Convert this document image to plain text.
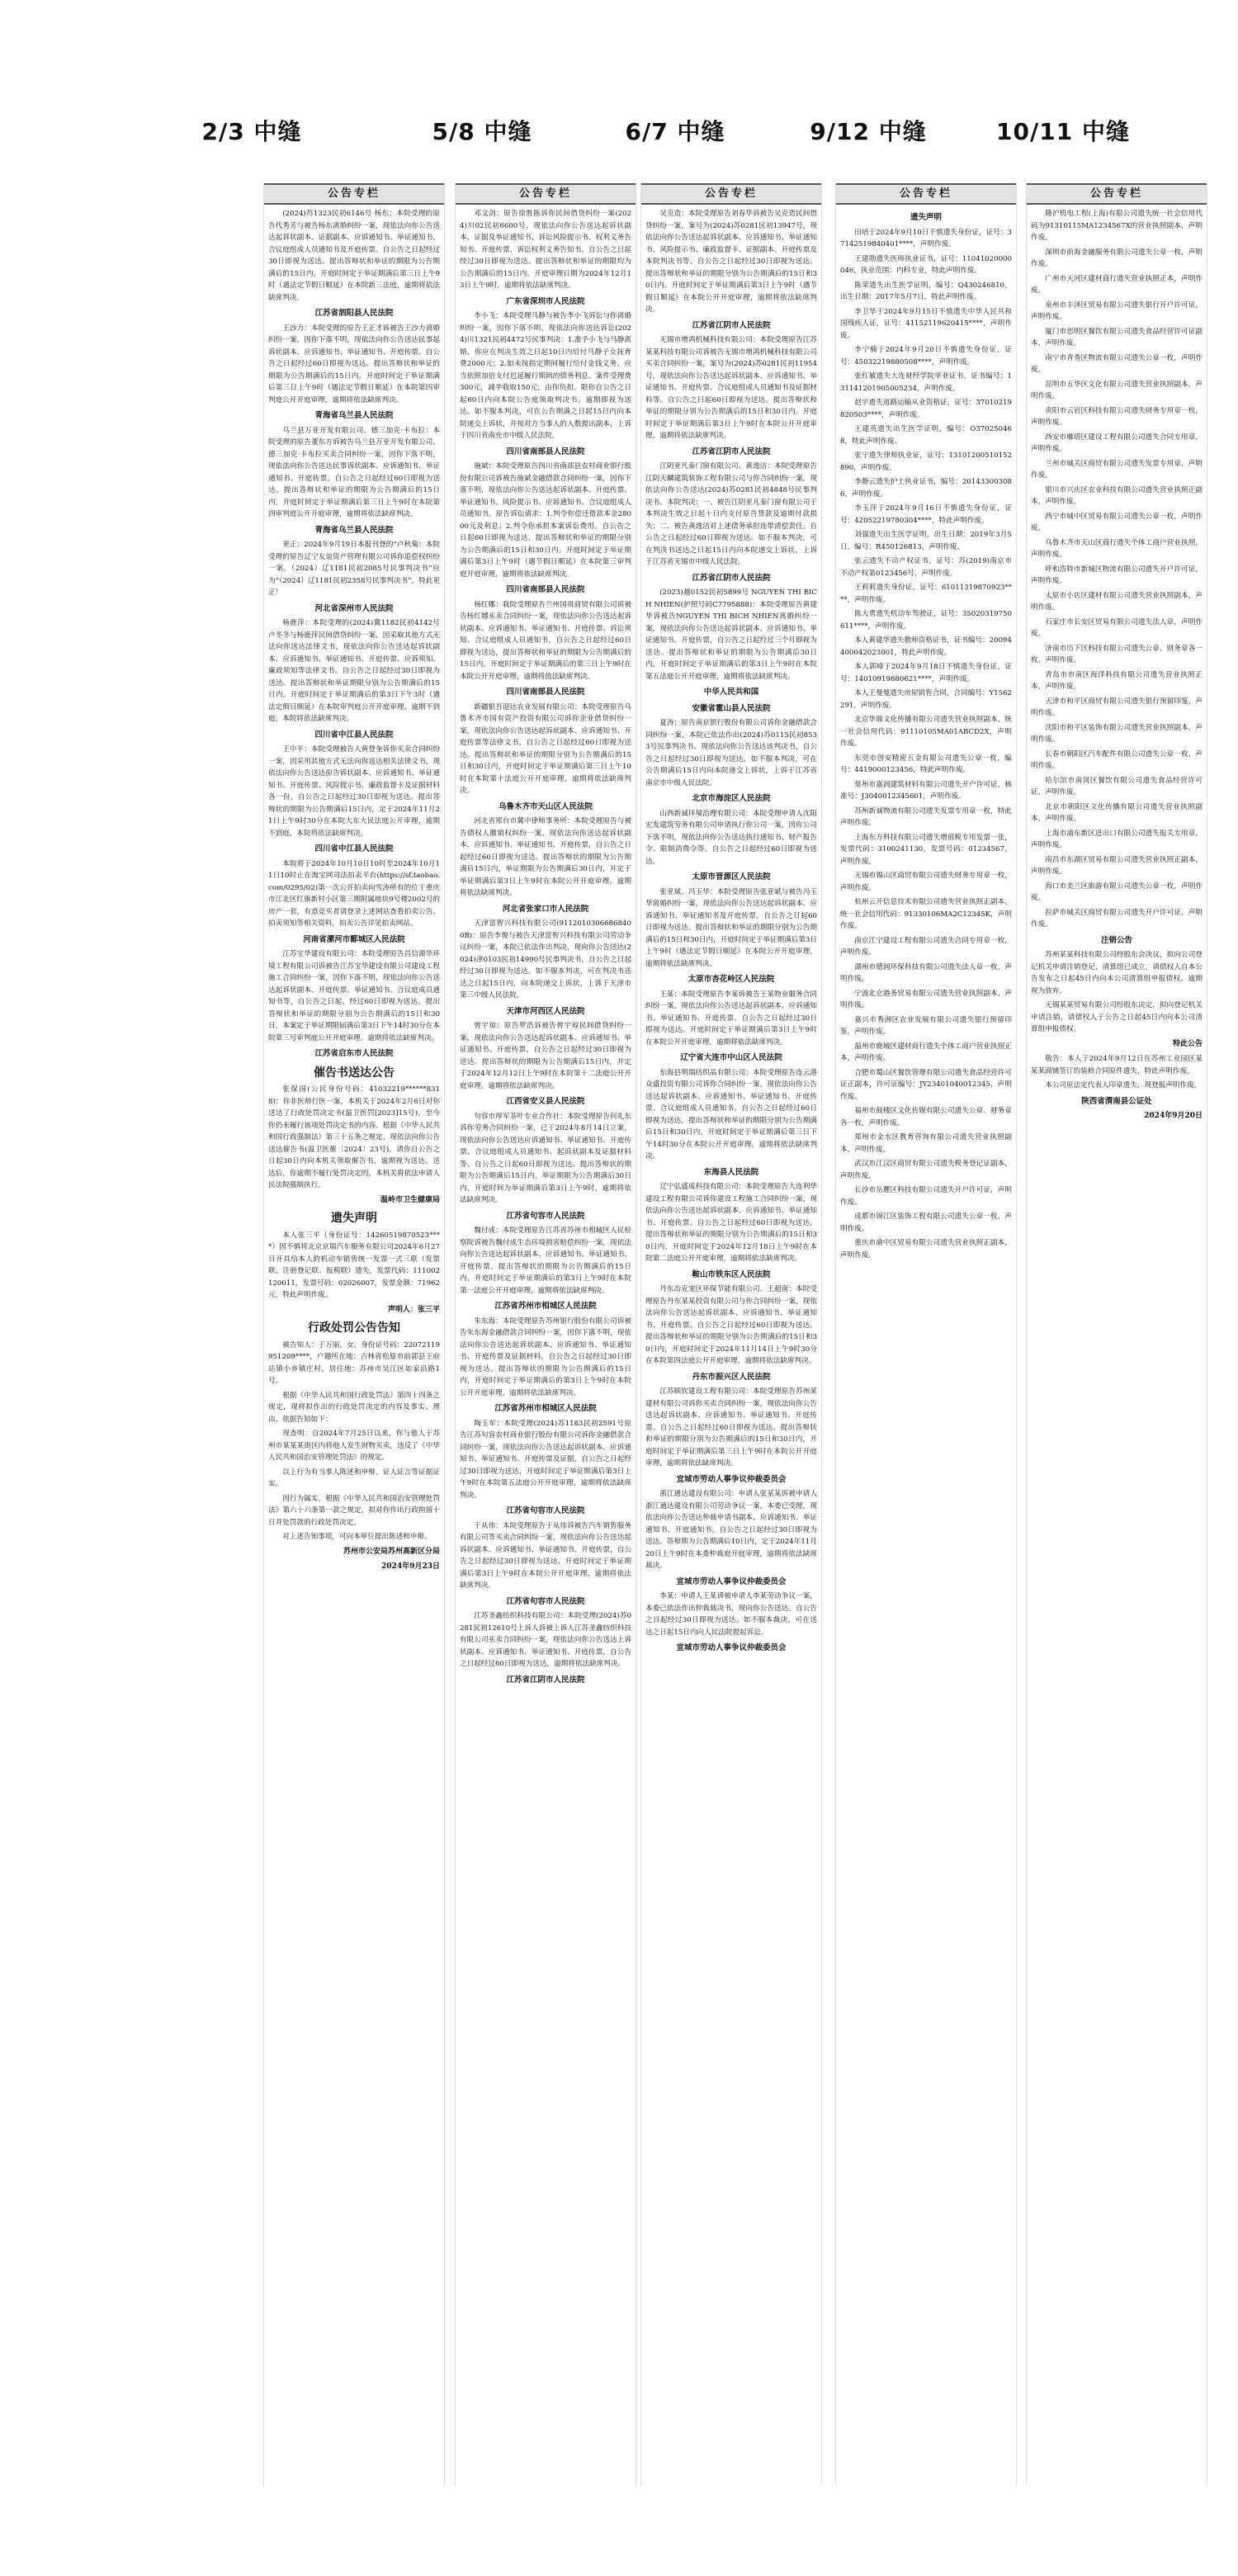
2/3 中缝
公告专栏
(2024)苏1323民初6146号 杨东：本院受理的原告代秀芳与被告杨东离婚纠纷一案，现依法向你公告送达起诉状副本、证据副本、应诉通知书、举证通知书、合议庭组成人员通知书及开庭传票。自公告之日起经过30日即视为送达。提出答辩状和举证的期限为公告期满后的15日内，开庭时间定于举证期满后第三日上午9时（遇法定节假日顺延）在本院新三法庭，逾期将依法缺席判决。
江苏省泗阳县人民法院
王沙力：本院受理的原告王正才诉被告王沙力离婚纠纷一案，因你下落不明，现依法向你公告送达民事起诉状副本、应诉通知书、举证通知书、开庭传票。自公告之日起经过60日即视为送达。提出答辩状和举证的期限为公告期满后的15日内。开庭时间定于举证期满后第三日上午9时（遇法定节假日顺延）在本院第四审判庭公开开庭审理，逾期将依法缺席判决。
青海省乌兰县人民法院
乌兰县万亚开发有限公司、德三加克·卡布拉：本院受理的原告董东方诉被告乌兰县万亚开发有限公司、德三加克·卡布拉买卖合同纠纷一案，因你下落不明，现依法向你公告送达民事诉状副本、应诉通知书、举证通知书、开庭传票。自公告之日起经过60日即视为送达。提出答辩状和举证的期限为公告期满后的15日内，开庭时间定于举证期满后第三日上午9时在本院第四审判庭公开开庭审理，逾期将依法缺席判决。
青海省乌兰县人民法院
更正：2024年9月19日本报刊登的“卢秋菊：本院受理的原告辽宁友谊资产管理有限公司诉你追偿权纠纷一案，（2024）辽1181民初2085号民事判决书”应为“（2024）辽1181民初2358号民事判决书”，特此更正！
河北省深州市人民法院
杨鹿萍：本院受理的(2024)冀1182民初4142号卢冬冬与杨鹿萍民间借贷纠纷一案，因采取其他方式无法向你送达法律文书，现依法向你公告送达起诉状副本、应诉通知书、举证通知书、开庭传票、应诉须知、廉政须知等法律文书。自公告之日起经过30日即视为送达。提出答辩状和举证期限分别为公告期满后的15日内。开庭时间定于举证期满后的第3日下午3时（遇法定假日顺延）在本院审判庭公开开庭审理，逾期不到庭，本院将依法缺席判决。
四川省中江县人民法院
王中平：本院受理被告人黄登奎诉你买卖合同纠纷一案，因采用其他方式无法向你送达相关法律文书，现依法向你公告送达原告诉状副本、应诉通知书、举证通知书、开庭传票、风险提示书、廉政监督卡及证据材料各一份。自公告之日起经过30日即视为送达。提出答辩状的期限为公告期满后15日内，定于2024年11月21日上午9时30分在本院大东大民法庭公开审理，逾期不到庭，本院将依法缺席判决。
四川省中江县人民法院
本院将于2024年10月10日10时至2024年10月11日10时止在淘宝网司法拍卖平台(https://sf.taobao.com/0295/02)第一次公开拍卖向雪涛所有的位于重庆市江北区红旗新村小区第三期附属地块9号楼2002号的房产一套，有意竞买者请登录上述网站查看拍卖公告、拍卖须知等相关资料，拍卖公告详见拍卖网站。
河南省漯河市郾城区人民法院
江苏宝华建设有限公司：本院受理原告昌信源华环境工程有限公司诉被告江苏宝华建设有限公司建设工程施工合同纠纷一案，因你下落不明，现依法向你公告送达起诉状副本、开庭传票、举证通知书、合议庭成员通知书等，自公告之日起，经过60日即视为送达。提出答辩状和举证的期限分别为公告期满后的15日和30日，本案定于举证期限届满后第3日下午14时30分在本院第三号审判庭公开开庭审理，逾期将依法缺席判决。
江苏省启东市人民法院
催告书送达公告
张保国(公民身份号码：41032219******8318)：你非医师行医一案，本机关于2024年2月6日对你送达了行政处罚决定书(温卫医罚[2023]15号)，至今你仍未履行该项处罚决定书的内容。根据《中华人民共和国行政强制法》第三十五条之规定，现依法向你公告送达催告书(温卫医催〔2024〕23号)，请你自公告之日起30日内向本机关领取催告书，逾期视为送达，送达后，你逾期不履行处罚决定的，本机关将依法申请人民法院强制执行。
温岭市卫生健康局
遗失声明
本人张三平（身份证号：14260519870523****）因不慎将北京京瑞汽车服务有限公司2024年6月27日开具给本人的机动车销售统一发票一式三联（发票联、注册登记联、报税联）遗失，发票代码：111002120011，发票号码：02026007，发票金额：71962元，特此声明作废。
声明人：张三平
行政处罚公告告知
被告知人：于万丽，女，身份证号码：22072119951209****，户籍所在地：吉林省松原市前郭县王府站镇小乡镇庄村，居住地：苏州市吴江区如家沿路1号。
根据《中华人民共和国行政处罚法》第四十四条之规定，现将拟作出的行政处罚决定的内容及事实、理由、依据告知如下：
现查明：自2024年7月25日以来，你与他人于苏州市某某某街区内将他人发生财物买卖，违反了《中华人民共和国治安管理处罚法》的规定。
以上行为有当事人陈述和申辩、证人证言等证据证实。
因行为属实，根据《中华人民共和国治安管理处罚法》第六十六条第一款之规定，拟对你作出行政拘留十日并处罚款的行政处罚决定。
对上述告知事项，可向本单位提出陈述和申辩。
苏州市公安局苏州高新区分局
2024年9月23日
5/8 中缝
公告专栏
邓文剑：原告徐胜陈诉你民间借贷纠纷一案(2024)川02民初6600号，现依法向你公告送达起诉状副本、证据及举证通知书、诉讼风险提示书、权利义务告知书、开庭传票、诉讼权利义务告知书。自公告之日起经过30日即视为送达。提出答辩状和举证的期限均为公告期满后的15日内。开庭审理日期为2024年12月13日上午9时，逾期将依法缺席判决。
广东省深圳市人民法院
李小飞：本院受理马静与被告李小飞诉讼与你离婚纠纷一案，因你下落不明，现依法向你送达诉讼(2024)川1321民初4472号民事判决：1.准予小飞与马静离婚，你应在判决生效之日起10日内给付马静子女抚育费2000元；2.如未按指定期间履行给付金钱义务，应当依照加倍支付迟延履行期间的债务利息。案件受理费300元，减半收取150元，由你负担。限你自公告之日起60日内向本院公告庭领取判决书。逾期即视为送达。如不服本判决，可在公告期满之日起15日内向本院递交上诉状，并按对方当事人的人数提出副本，上诉于四川省南充市中级人民法院。
四川省南部县人民法院
施斌：本院受理原告四川省南部县农村商业银行股份有限公司诉被告施斌金融借款合同纠纷一案，因你下落不明，现依法向你公告送达起诉状副本、开庭传票、举证通知书、风险提示书、应诉通知书、合议庭组成人员通知书。原告诉讼请求：1.判令你偿还借款本金28000元及利息；2.判令你承担本案诉讼费用。自公告之日起60日即视为送达，提出答辩状和举证的期限分别为公告期满后的15日和30日内。开庭时间定于举证期满后第3日上午9时（遇节假日顺延）在本院第三审判庭开庭审理，逾期将依法缺席判决。
四川省南部县人民法院
杨红娜：我院受理原告兰州国贵商贸有限公司诉被告杨红娜买卖合同纠纷一案，现依法向你公告送达起诉状副本、应诉通知书、举证通知书、开庭传票、诉讼须知、合议庭组成人员通知书，自公告之日起经过60日即视为送达，提出答辩状和举证的期限为公告期满后的15日内，开庭时间定于举证期满后的第三日上午9时在本院公开开庭审理，逾期将依法缺席判决。
四川省南部县人民法院
新疆银吾迎达农业发展有限公司：本院受理原告乌鲁木齐市国有资产投资有限公司诉你企业借贷纠纷一案，现依法向你公告送达起诉状副本、应诉通知书、开庭传票等法律文书，自公告之日起经过60日即视为送达。提出答辩状和举证的期限分别为公告期满后的15日和30日内，开庭时间定于举证期满后第三日上午10时在本院第十法庭公开开庭审理，逾期将依法缺席判决。
乌鲁木齐市天山区人民法院
河北省邢台市冀中律师事务所：本院受理原告与被告债权人撤销权纠纷一案，现依法向你送达起诉状副本、应诉通知书、举证通知书、开庭传票，自公告之日起经过60日即视为送达。提出答辩状的期限为公告期满后15日内，举证期限为公告期满后30日内，并定于举证期满后第3日上午9时在本院公开开庭审理，逾期将依法缺席判决。
河北省张家口市人民法院
天津富智兴科技有限公司(91120103066868400B)：原告李俊与被告天津富智兴科技有限公司劳动争议纠纷一案，本院已依法作出判决，现向你公告送达(2024)津0103民初14990号民事判决书，自公告之日起经过30日即视为送达。如不服本判决，可在判决书送达之日起15日内，向本院递交上诉状，上诉于天津市第三中级人民法院。
天津市河西区人民法院
曾宇琼：原告罗浩诉被告曾宇琼民间借贷纠纷一案，现依法向你公告送达起诉状副本、应诉通知书、举证通知书、开庭传票，自公告之日起经过30日即视为送达。提出答辩状的期限为公告期满后15日内，并定于2024年12月12日上午9时在本院第十二法庭公开开庭审理，逾期将依法缺席判决。
江西省安义县人民法院
句容市厚军茶叶专业合作社：本院受理原告何礼东诉你劳务合同纠纷一案，已于2024年8月14日立案，现依法向你公告送达应诉通知书、举证通知书、开庭传票、合议庭组成人员通知书、起诉状副本及证据材料等。自公告之日起60日即视为送达。提出答辩状的期限为公告期满后15日内，举证期限为公告期满后30日内，开庭时间为举证期满后第3日上午9时，逾期将依法缺席判决。
江苏省句容市人民法院
魏付成：本院受理原告江苏省苏州市相城区人民检察院诉被告魏付成生态环境损害赔偿纠纷一案，现依法向你公告送达起诉状副本、应诉通知书、举证通知书、开庭传票，提出答辩状的期限为公告期满后的15日内，开庭时间定于举证期满后的第3日上午9时在本院第一法庭公开开庭审理，逾期将依法缺席判决。
江苏省苏州市相城区人民法院
朱东海：本院受理原告苏州银行股份有限公司诉被告朱东海金融借款合同纠纷一案，因你下落不明，现依法向你公告送达起诉状副本、应诉通知书、举证通知书、开庭传票及证据材料，自公告之日起经过30日即视为送达，提出答辩状的期限为公告期满后的15日内，开庭时间定于举证期满后的第3日上午9时在本院公开开庭审理，逾期将依法缺席判决。
江苏省苏州市相城区人民法院
陶玉军：本院受理(2024)苏1183民初2591号原告江苏句容农村商业银行股份有限公司诉你金融借款合同纠纷一案，现依法向你公告送达起诉状副本、应诉通知书、举证通知书、开庭传票及证据，自公告之日起经过30日即视为送达，开庭时间定于举证期满后第3日上午9时在本院第五法庭公开开庭审理，逾期将依法缺席判决。
江苏省句容市人民法院
于从伟：本院受理原告于从伟诉被告汽车销售服务有限公司等买卖合同纠纷一案，现依法向你公告送达起诉状副本、应诉通知书、举证通知书、开庭传票，自公告之日起经过30日即视为送达，开庭时间定于举证期满后第3日上午9时在本院公开开庭审理，逾期将依法缺席判决。
江苏省句容市人民法院
江苏圣鑫纺织科技有限公司：本院受理(2024)苏0281民初12610号上诉人诉被上诉人江苏圣鑫纺织科技有限公司买卖合同纠纷一案，现依法向你公告送达上诉状副本、应诉通知书、举证通知书、开庭传票，自公告之日起经过60日即视为送达，逾期将依法缺席判决。
江苏省江阴市人民法院
6/7 中缝
公告专栏
吴克造：本院受理原告刘春华诉被告吴克造民间借贷纠纷一案，案号为(2024)苏0281民初13947号，现依法向你公告送达起诉状副本、应诉通知书、举证通知书、风险提示书、廉政监督卡、证据副本、开庭传票及本院判决书等。自公告之日起经过30日即视为送达。提出答辩状和举证的期限分别为公告期满后的15日和30日内。开庭时间定于举证期满后第3日上午9时（遇节假日顺延）在本院公开开庭审理，逾期将依法缺席判决。
江苏省江阴市人民法院
无锡市增鸿机械科技有限公司：本院受理原告江苏某某科技有限公司诉被告无锡市增鸿机械科技有限公司买卖合同纠纷一案，案号为(2024)苏0281民初11954号，现依法向你公告送达起诉状副本、应诉通知书、举证通知书、开庭传票、合议庭组成人员通知书及证据材料等。自公告之日起60日即视为送达。提出答辩状和举证的期限分别为公告期满后的15日和30日内。开庭时间定于举证期满后第3日上午9时在本院公开开庭审理，逾期将依法缺席判决。
江苏省江阴市人民法院
江阴亚凡泰门窗有限公司、黄逸洁：本院受理原告江阴天麟建筑装饰工程有限公司与你合同纠纷一案，现依法向你公告送达(2024)苏0281民初4848号民事判决书。本院判决：一、被告江阴亚凡泰门窗有限公司于本判决生效之日起十日内支付原告货款及逾期付款损失；二、被告黄逸洁对上述债务承担连带清偿责任。自公告之日起经过60日即视为送达。如不服本判决，可在判决书送达之日起15日内向本院递交上诉状，上诉于江苏省无锡市中级人民法院。
江苏省江阴市人民法院
(2023)越0152民初5899号 NGUYEN THI BICH NHIEN(护照号码C7795888)：本院受理原告黄建华诉被告NGUYEN THI BICH NHIEN离婚纠纷一案，现依法向你公告送达起诉状副本、应诉通知书、举证通知书、开庭传票，自公告之日起经过三个月即视为送达。提出答辩状和举证的期限为公告期满后30日内，开庭时间定于举证期满后的第3日上午9时在本院第五法庭公开开庭审理，逾期将依法缺席判决。
中华人民共和国
安徽省霍山县人民法院
夏涛：原告南京银行股份有限公司诉你金融借款合同纠纷一案，本院已依法作出(2024)苏0115民初8533号民事判决书。现依法向你公告送达该判决书，自公告之日起经过30日即视为送达。如不服本判决，可在公告期满后15日内向本院递交上诉状，上诉于江苏省南京市中级人民法院。
北京市海淀区人民法院
山西新诚环境治理有限公司：本院受理申请人沈阳宏发建筑劳务有限公司申请执行你公司一案，因你公司下落不明，现依法向你公告送达执行通知书、财产报告令、限制消费令等。自公告之日起经过60日即视为送达。
太原市晋源区人民法院
张亚斌、冯玉华：本院受理原告张亚斌与被告冯玉华离婚纠纷一案，现依法向你公告送达起诉状副本、应诉通知书、举证通知书及开庭传票。自公告之日起60日即视为送达。提出答辩状和举证的期限分别为公告期满后的15日和30日内，开庭时间定于举证期满后第3日上午9时（遇法定节假日顺延）在本院公开开庭审理，逾期将依法缺席判决。
太原市杏花岭区人民法院
王某：本院受理原告李某诉被告王某物业服务合同纠纷一案，现依法向你公告送达起诉状副本、应诉通知书、举证通知书、开庭传票。自公告之日起经过30日即视为送达。开庭时间定于举证期满后第3日上午9时在本院公开开庭审理，逾期将依法缺席判决。
辽宁省大连市中山区人民法院
东海县明瑞纺织品有限公司：本院受理原告连云港众盛投资有限公司诉你合同纠纷一案，现依法向你公告送达起诉状副本、应诉通知书、举证通知书、开庭传票、合议庭组成人员通知书。自公告之日起经过60日即视为送达，提出答辩状和举证的期限分别为公告期满后15日和30日内，开庭时间定于举证期满后第三日下午14时30分在本院公开开庭审理，逾期将依法缺席判决。
东海县人民法院
辽宁弘盛成科技有限公司：本院受理原告大连利华建设工程有限公司诉你建设工程施工合同纠纷一案，现依法向你公告送达起诉状副本、应诉通知书、举证通知书、开庭传票。自公告之日起经过60日即视为送达。提出答辩状和举证的期限分别为公告期满后的15日和30日内，开庭时间定于2024年12月18日上午9时在本院第二法庭公开开庭审理，逾期将依法缺席判决。
鞍山市铁东区人民法院
丹东冶克宠区环保节能有限公司、王超南：本院受理原告丹东某某投资有限公司与你合同纠纷一案，现依法向你公告送达起诉状副本、应诉通知书、举证通知书、开庭传票。自公告之日起经过60日即视为送达。提出答辩状和举证的期限分别为公告期满后的15日和30日内，开庭时间定于2024年11月14日上午9时30分在本院第四法庭公开开庭审理，逾期将依法缺席判决。
丹东市振兴区人民法院
江苏顺钦建设工程有限公司：本院受理原告苏州某建材有限公司诉你买卖合同纠纷一案，现依法向你公告送达起诉状副本、应诉通知书、举证通知书、开庭传票。自公告之日起经过60日即视为送达。提出答辩状和举证的期限分别为公告期满后的15日和30日内，开庭时间定于举证期满后第三日上午9时在本院公开开庭审理，逾期将依法缺席判决。
宜城市劳动人事争议仲裁委员会
浙江通达建设有限公司：申请人张某某诉被申请人浙江通达建设有限公司劳动争议一案，本委已受理，现依法向你公告送达仲裁申请书副本、应诉通知书、举证通知书、开庭通知书。自公告之日起经过30日即视为送达。答辩期为公告期满后10日内，定于2024年11月20日上午9时在本委仲裁庭开庭审理，逾期将依法缺席裁决。
宣城市劳动人事争议仲裁委员会
李某：申请人王某诉被申请人李某劳动争议一案，本委已依法作出仲裁裁决书，现向你公告送达。自公告之日起经过30日即视为送达。如不服本裁决，可在送达之日起15日内向人民法院提起诉讼。
宣城市劳动人事争议仲裁委员会
9/12 中缝
公告专栏
遗失声明
田培于2024年9月10日不慎遗失身份证，证号：37142519840401****，声明作废。
王建勋遗失医师执业证书，证号：11041020000046，执业范围：内科专业，特此声明作废。
陈荣遗失出生医学证明，编号：Q430246810，出生日期：2017年5月7日，特此声明作废。
李卫华于2024年9月15日不慎遗失中华人民共和国残疾人证，证号：41152119620415****，声明作废。
李宁楠于2024年9月20日不慎遗失身份证，证号：45032219880508****，声明作废。
张红敏遗失大连财经学院毕业证书，证书编号：131141201905005234，声明作废。
赵宇遗失道路运输从业资格证，证号：37010219820503****，声明作废。
王建英遗失出生医学证明，编号：O370250468，特此声明作废。
张宁遗失律师执业证，证号：13101200510152890，声明作废。
李静云遗失护士执业证书，编号：201433003086，声明作废。
李玉萍于2024年9月16日不慎遗失身份证，证号：42052219780304****，特此声明作废。
刘强遗失出生医学证明，出生日期：2019年3月5日，编号：R450126813，声明作废。
张云遗失不动产权证书，证号：苏(2019)南京市不动产权第0123456号，声明作废。
王莉莉遗失身份证，证号：61011319870923****，声明作废。
陈大勇遗失机动车驾驶证，证号：35020319750611****，声明作废。
本人黄建华遗失教师资格证书，证书编号：20094400042023001，特此声明作废。
本人郭峰于2024年9月18日不慎遗失身份证，证号：14010919880621****，声明作废。
本人王曼曼遗失房屋销售合同，合同编号：Y1562291，声明作废。
北京华鼎文化传播有限公司遗失营业执照副本，统一社会信用代码：91110105MA01ABCD2X，声明作废。
东莞市创安精密五金有限公司遗失公章一枚，编号：4419000123456，特此声明作废。
常州市嘉润建筑材料有限公司遗失开户许可证，核准号：J3040012345601，声明作废。
苏州新诚物流有限公司遗失发票专用章一枚，特此声明作废。
上海东方科技有限公司遗失增值税专用发票一张，发票代码：3100241130，发票号码：01234567，声明作废。
无锡市锡山区商贸有限公司遗失财务专用章一枚，声明作废。
杭州云开信息技术有限公司遗失营业执照正副本，统一社会信用代码：91330106MA2C12345K，声明作废。
南京江宁建设工程有限公司遗失合同专用章一枚，声明作废。
湖州市德润环保科技有限公司遗失法人章一枚，声明作废。
宁波北仑港务贸易有限公司遗失营业执照副本，声明作废。
嘉兴市秀洲区农业发展有限公司遗失银行预留印鉴，声明作废。
温州市鹿城区建材商行遗失个体工商户营业执照正本，声明作废。
合肥市蜀山区餐饮管理有限公司遗失食品经营许可证正副本，许可证编号：JY23401040012345，声明作废。
福州市鼓楼区文化传媒有限公司遗失公章、财务章各一枚，声明作废。
郑州市金水区教育咨询有限公司遗失营业执照副本，声明作废。
武汉市江汉区商贸有限公司遗失税务登记证副本，声明作废。
长沙市岳麓区科技有限公司遗失开户许可证，声明作废。
成都市锦江区装饰工程有限公司遗失公章一枚，声明作废。
重庆市渝中区贸易有限公司遗失营业执照正副本，声明作废。
10/11 中缝
公告专栏
隆沪机电工程(上海)有限公司遗失统一社会信用代码为91310115MA1234567X的营业执照副本，声明作废。
深圳市前海金融服务有限公司遗失公章一枚，声明作废。
广州市天河区建材商行遗失营业执照正本，声明作废。
泉州市丰泽区贸易有限公司遗失银行开户许可证，声明作废。
厦门市思明区餐饮有限公司遗失食品经营许可证副本，声明作废。
南宁市青秀区物流有限公司遗失公章一枚，声明作废。
昆明市五华区文化有限公司遗失营业执照副本，声明作废。
贵阳市云岩区科技有限公司遗失财务专用章一枚，声明作废。
西安市雁塔区建设工程有限公司遗失合同专用章，声明作废。
兰州市城关区商贸有限公司遗失发票专用章，声明作废。
银川市兴庆区农业科技有限公司遗失营业执照正副本，声明作废。
西宁市城中区贸易有限公司遗失公章一枚，声明作废。
乌鲁木齐市天山区商行遗失个体工商户营业执照，声明作废。
呼和浩特市新城区物流有限公司遗失开户许可证，声明作废。
太原市小店区建材有限公司遗失营业执照副本，声明作废。
石家庄市长安区贸易有限公司遗失法人章，声明作废。
济南市历下区科技有限公司遗失公章、财务章各一枚，声明作废。
青岛市市南区海洋科技有限公司遗失营业执照正本，声明作废。
天津市和平区商贸有限公司遗失银行预留印鉴，声明作废。
沈阳市和平区装饰有限公司遗失营业执照副本，声明作废。
长春市朝阳区汽车配件有限公司遗失公章一枚，声明作废。
哈尔滨市南岗区餐饮有限公司遗失食品经营许可证，声明作废。
北京市朝阳区文化传播有限公司遗失营业执照副本，声明作废。
上海市浦东新区进出口有限公司遗失报关专用章，声明作废。
南昌市东湖区贸易有限公司遗失营业执照正副本，声明作废。
海口市美兰区旅游有限公司遗失公章一枚，声明作废。
拉萨市城关区商贸有限公司遗失开户许可证，声明作废。
注销公告
苏州某某科技有限公司经股东会决议，拟向公司登记机关申请注销登记，清算组已成立，请债权人自本公告发布之日起45日内向本公司清算组申报债权，逾期视为放弃。
无锡某某贸易有限公司经股东决定，拟向登记机关申请注销，请债权人于公告之日起45日内向本公司清算组申报债权。
特此公告
敬告：本人于2024年9月12日在苏州工业园区某某某商铺签订的装修合同原件遗失，特此声明作废。
本公司原法定代表人印章遗失，现登报声明作废。
陕西省渭南县公证处
2024年9月20日
